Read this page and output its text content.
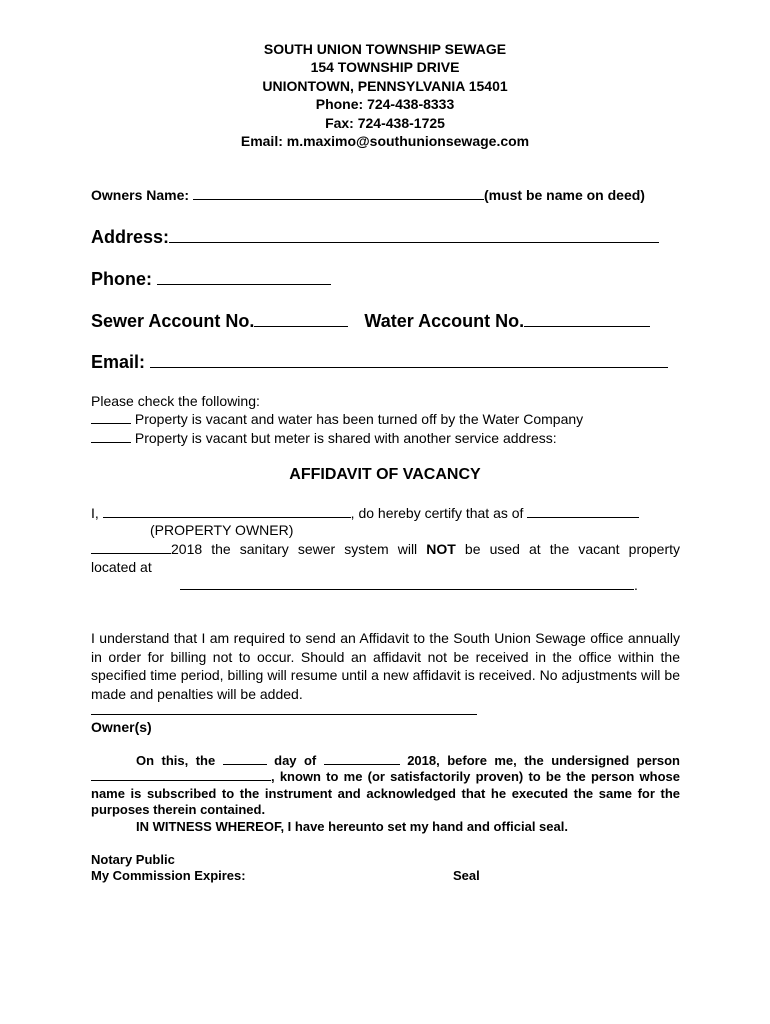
SOUTH UNION TOWNSHIP SEWAGE
154 TOWNSHIP DRIVE
UNIONTOWN, PENNSYLVANIA 15401
Phone: 724-438-8333
Fax: 724-438-1725
Email: m.maximo@southunionsewage.com
Owners Name:	(must be name on deed)
Address:
Phone:
Sewer Account No.	Water Account No.
Email:
Please check the following:
Property is vacant and water has been turned off by the Water Company
Property is vacant but meter is shared with another service address:
AFFIDAVIT OF VACANCY
I,	, do hereby certify that as of
(PROPERTY OWNER)
2018 the sanitary sewer system will NOT be used at the vacant property
located at
.
I understand that I am required to send an Affidavit to the South Union Sewage office annually in order for billing not to occur. Should an affidavit not be received in the office within the specified time period, billing will resume until a new affidavit is received. No adjustments will be made and penalties will be added.
Owner(s)
On this, the	day of	2018, before me, the undersigned person
, known to me (or satisfactorily proven) to be the person whose name is subscribed to the instrument and acknowledged that he executed the same for the purposes therein contained.
IN WITNESS WHEREOF, I have hereunto set my hand and official seal.
Notary Public
My Commission Expires:	Seal
